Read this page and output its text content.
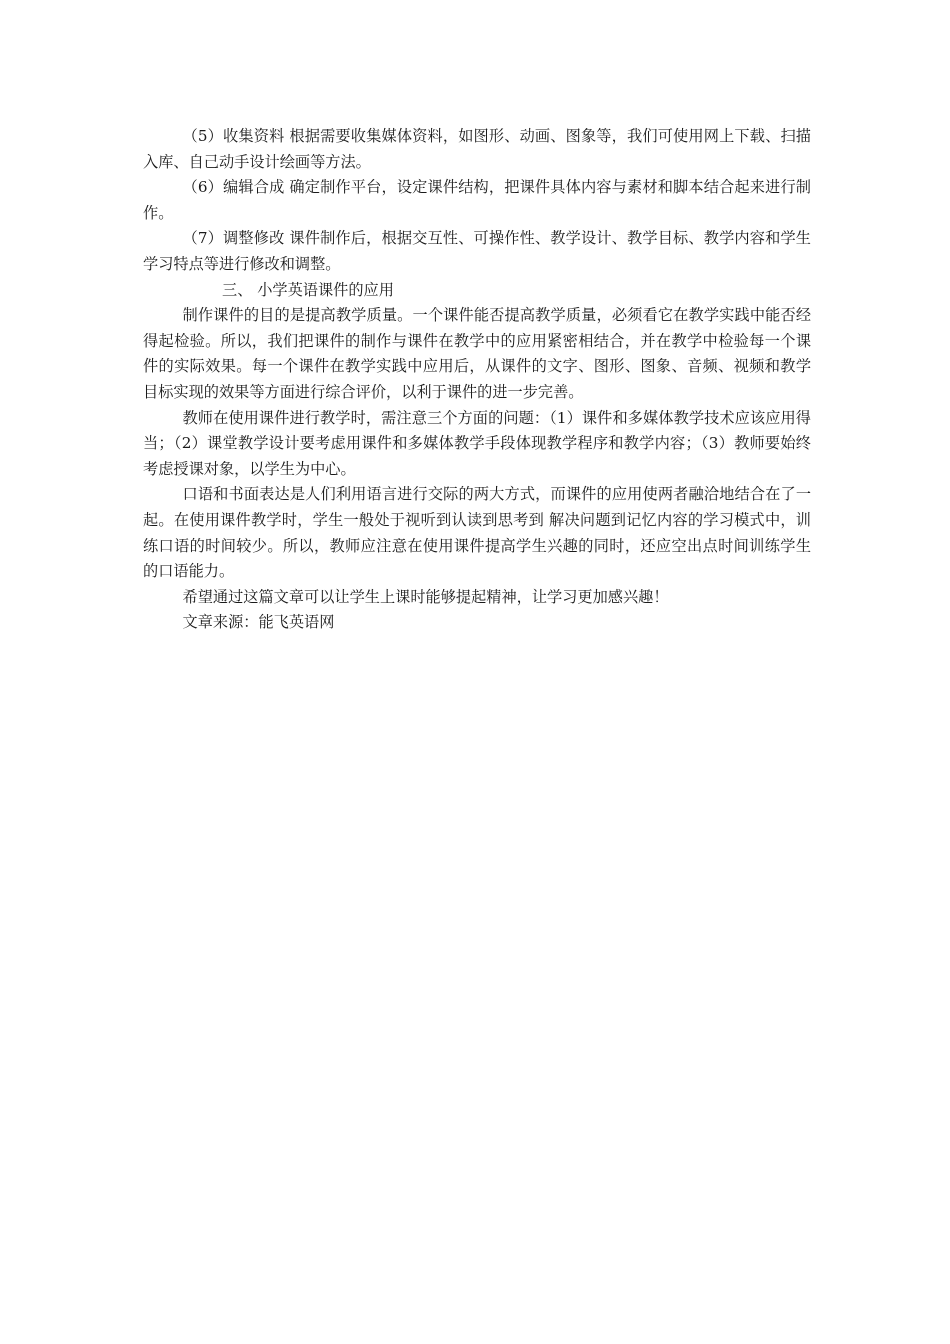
（5）收集资料 根据需要收集媒体资料，如图形、动画、图象等，我们可使用网上下载、扫描入库、自己动手设计绘画等方法。

（6）编辑合成 确定制作平台，设定课件结构，把课件具体内容与素材和脚本结合起来进行制作。

（7）调整修改 课件制作后，根据交互性、可操作性、教学设计、教学目标、教学内容和学生学习特点等进行修改和调整。

三、 小学英语课件的应用

制作课件的目的是提高教学质量。一个课件能否提高教学质量，必须看它在教学实践中能否经得起检验。所以，我们把课件的制作与课件在教学中的应用紧密相结合，并在教学中检验每一个课件的实际效果。每一个课件在教学实践中应用后，从课件的文字、图形、图象、音频、视频和教学目标实现的效果等方面进行综合评价，以利于课件的进一步完善。

教师在使用课件进行教学时，需注意三个方面的问题：（1）课件和多媒体教学技术应该应用得当；（2）课堂教学设计要考虑用课件和多媒体教学手段体现教学程序和教学内容；（3）教师要始终考虑授课对象，以学生为中心。

口语和书面表达是人们利用语言进行交际的两大方式，而课件的应用使两者融洽地结合在了一起。在使用课件教学时，学生一般处于视听到认读到思考到 解决问题到记忆内容的学习模式中，训练口语的时间较少。所以，教师应注意在使用课件提高学生兴趣的同时，还应空出点时间训练学生的口语能力。

希望通过这篇文章可以让学生上课时能够提起精神，让学习更加感兴趣！

文章来源：能飞英语网
